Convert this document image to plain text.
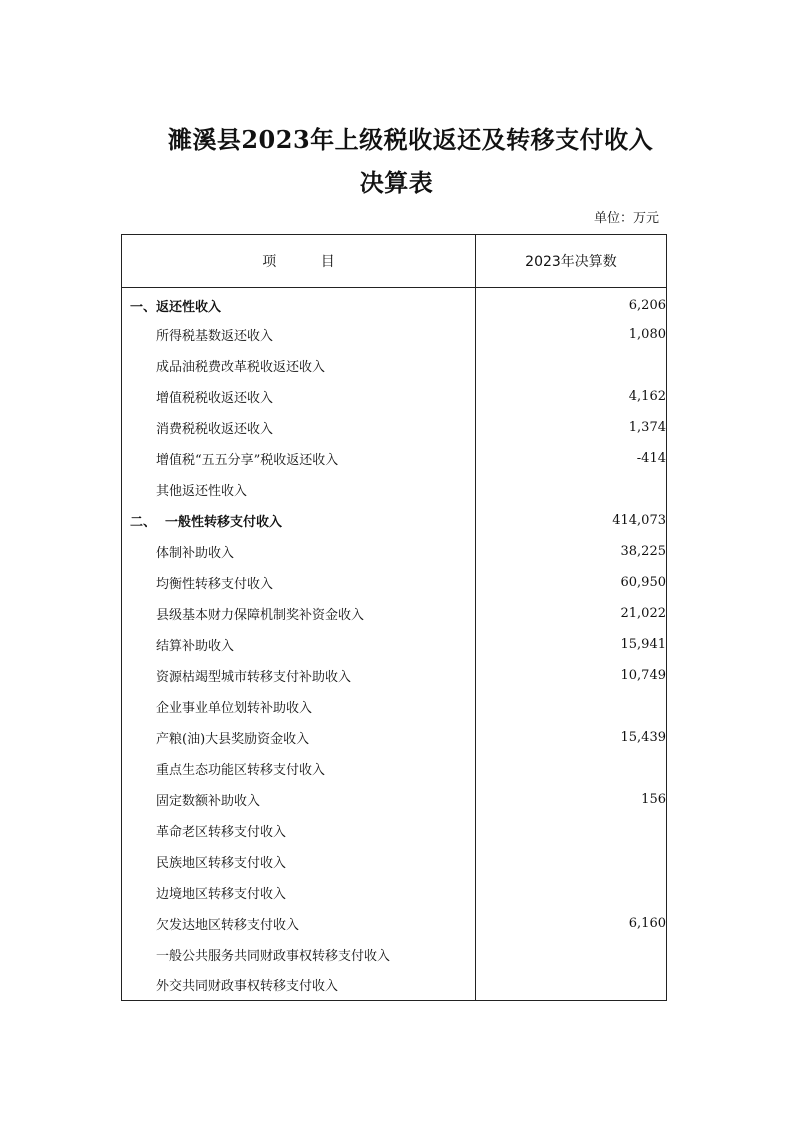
濉溪县2023年上级税收返还及转移支付收入
决算表
单位：万元
项          目	2023年决算数
一、返还性收入	6,206
所得税基数返还收入	1,080
成品油税费改革税收返还收入	
增值税税收返还收入	4,162
消费税税收返还收入	1,374
增值税“五五分享”税收返还收入	-414
其他返还性收入	
二、  一般性转移支付收入	414,073
体制补助收入	38,225
均衡性转移支付收入	60,950
县级基本财力保障机制奖补资金收入	21,022
结算补助收入	15,941
资源枯竭型城市转移支付补助收入	10,749
企业事业单位划转补助收入	
产粮(油)大县奖励资金收入	15,439
重点生态功能区转移支付收入	
固定数额补助收入	156
革命老区转移支付收入	
民族地区转移支付收入	
边境地区转移支付收入	
欠发达地区转移支付收入	6,160
一般公共服务共同财政事权转移支付收入	
外交共同财政事权转移支付收入	
